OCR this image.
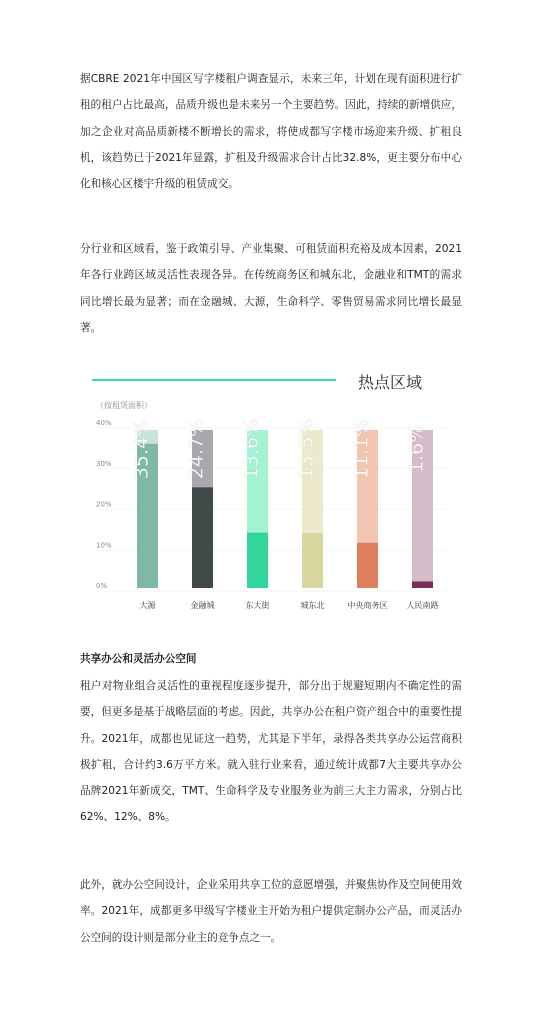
据CBRE 2021年中国区写字楼租户调查显示，未来三年，计划在现有面积进行扩租的租户占比最高，品质升级也是未来另一个主要趋势。因此，持续的新增供应，加之企业对高品质新楼不断增长的需求，将使成都写字楼市场迎来升级、扩租良机，该趋势已于2021年显露，扩租及升级需求合计占比32.8%，更主要分布中心化和核心区楼宇升级的租赁成交。

分行业和区域看，鉴于政策引导、产业集聚、可租赁面积充裕及成本因素，2021年各行业跨区域灵活性表现各异。在传统商务区和城东北，金融业和TMT的需求同比增长最为显著；而在金融城、大源，生命科学、零售贸易需求同比增长最显著。

热点区域
（按租赁面积）
0%
10%
20%
30%
40% 35.4%
大源
24.7%
金融城
13.6%
东大街
13.5%
城东北
11.1%
中央商务区
1.6%
人民南路
共享办公和灵活办公空间

租户对物业组合灵活性的重视程度逐步提升，部分出于规避短期内不确定性的需要，但更多是基于战略层面的考虑。因此，共享办公在租户资产组合中的重要性提升。2021年，成都也见证这一趋势，尤其是下半年，录得各类共享办公运营商积极扩租，合计约3.6万平方米。就入驻行业来看，通过统计成都7大主要共享办公品牌2021年新成交，TMT、生命科学及专业服务业为前三大主力需求，分别占比62%、12%、8%。

此外，就办公空间设计，企业采用共享工位的意愿增强，并聚焦协作及空间使用效率。2021年，成都更多甲级写字楼业主开始为租户提供定制办公产品，而灵活办公空间的设计则是部分业主的竞争点之一。
